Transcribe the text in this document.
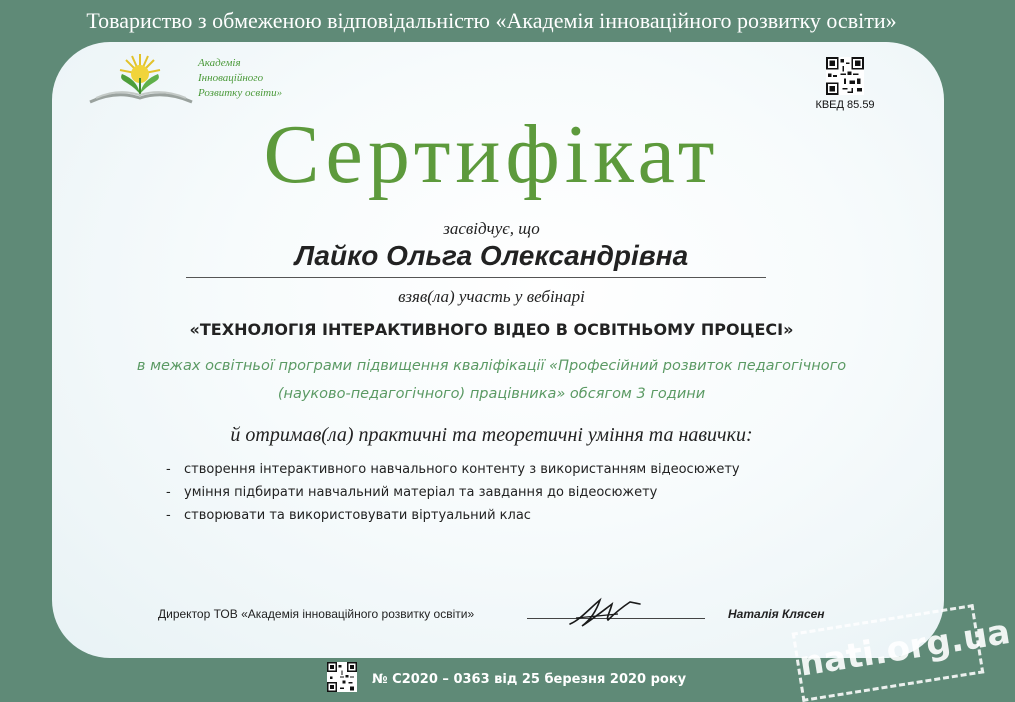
Товариство з обмеженою відповідальністю «Академія інноваційного розвитку освіти»
Академія
Інноваційного
Розвитку освіти»
КВЕД 85.59
Сертифікат
засвідчує, що
Лайко Ольга Олександрівна
взяв(ла) участь у вебінарі
«ТЕХНОЛОГІЯ ІНТЕРАКТИВНОГО ВІДЕО В ОСВІТНЬОМУ ПРОЦЕСІ»
в межах освітньої програми підвищення кваліфікації «Професійний розвиток педагогічного
(науково-педагогічного) працівника» обсягом 3 години
й отримав(ла) практичні та теоретичні уміння та навички:
- створення інтерактивного навчального контенту з використанням відеосюжету
- уміння підбирати навчальний матеріал та завдання до відеосюжету
- створювати та використовувати віртуальний клас
Директор ТОВ «Академія інноваційного розвитку освіти»	Наталія Клясен
№ С2020 – 0363 від 25 березня 2020 року	nati.org.ua
